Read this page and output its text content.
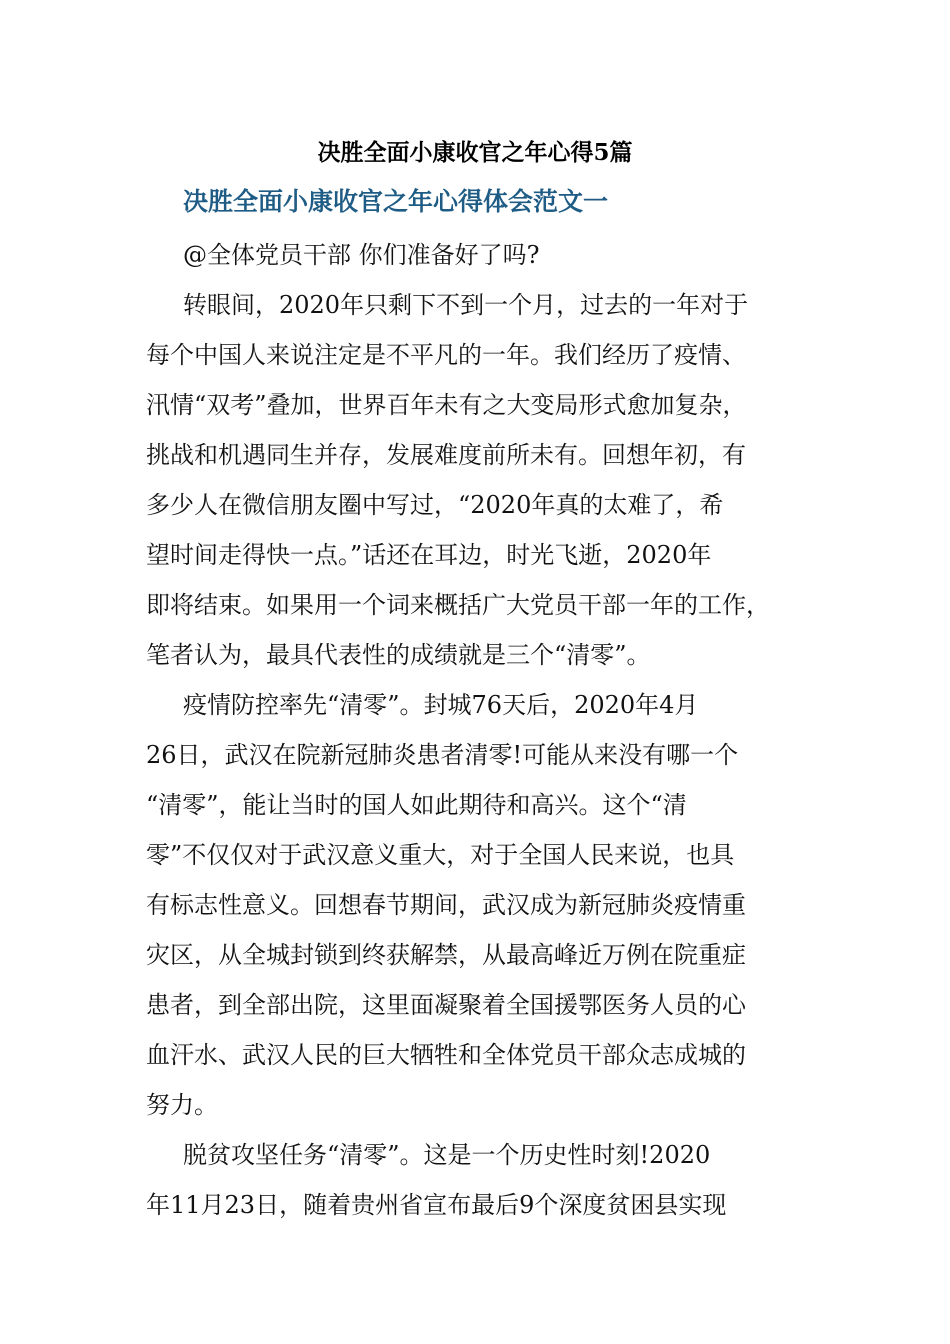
决胜全面小康收官之年心得5篇
决胜全面小康收官之年心得体会范文一
@全体党员干部 你们准备好了吗?
转眼间，2020年只剩下不到一个月，过去的一年对于
每个中国人来说注定是不平凡的一年。我们经历了疫情、
汛情“双考”叠加，世界百年未有之大变局形式愈加复杂，
挑战和机遇同生并存，发展难度前所未有。回想年初，有
多少人在微信朋友圈中写过，“2020年真的太难了，希
望时间走得快一点。”话还在耳边，时光飞逝，2020年
即将结束。如果用一个词来概括广大党员干部一年的工作，
笔者认为，最具代表性的成绩就是三个“清零”。
疫情防控率先“清零”。封城76天后，2020年4月
26日，武汉在院新冠肺炎患者清零!可能从来没有哪一个
“清零”，能让当时的国人如此期待和高兴。这个“清
零”不仅仅对于武汉意义重大，对于全国人民来说，也具
有标志性意义。回想春节期间，武汉成为新冠肺炎疫情重
灾区，从全城封锁到终获解禁，从最高峰近万例在院重症
患者，到全部出院，这里面凝聚着全国援鄂医务人员的心
血汗水、武汉人民的巨大牺牲和全体党员干部众志成城的
努力。
脱贫攻坚任务“清零”。这是一个历史性时刻!2020
年11月23日，随着贵州省宣布最后9个深度贫困县实现
